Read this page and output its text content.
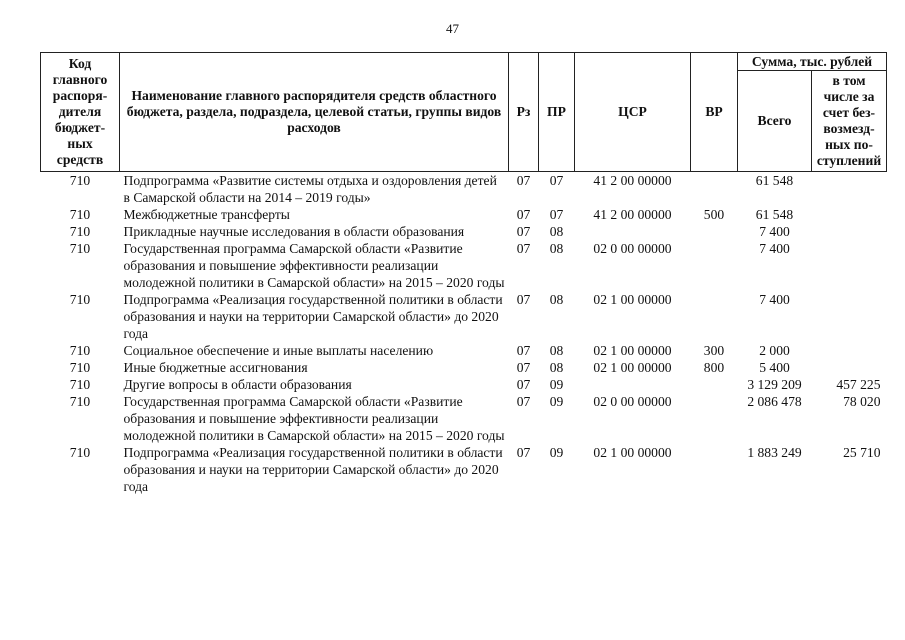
47
Код главного распоря-дителя бюджет-ных средств	Наименование главного распорядителя средств областного бюджета, раздела, подраздела, целевой статьи, группы видов расходов	Рз	ПР	ЦСР	ВР	Сумма, тыс. рублей	
						Всего	в том числе за счет без-возмезд-ных по-ступлений
710	Подпрограмма «Развитие системы отдыха и оздоровления детей в Самарской области на 2014 – 2019 годы»	07	07	41 2 00 00000		61 548	
710	Межбюджетные трансферты	07	07	41 2 00 00000	500	61 548	
710	Прикладные научные исследования в области образования	07	08			7 400	
710	Государственная программа Самарской области «Развитие образования и повышение эффективности реализации молодежной политики в Самарской области» на 2015 – 2020 годы	07	08	02 0 00 00000		7 400	
710	Подпрограмма «Реализация государственной политики в области образования и науки на территории Самарской области» до 2020 года	07	08	02 1 00 00000		7 400	
710	Социальное обеспечение и иные выплаты населению	07	08	02 1 00 00000	300	2 000	
710	Иные бюджетные ассигнования	07	08	02 1 00 00000	800	5 400	
710	Другие вопросы в области образования	07	09			3 129 209	457 225
710	Государственная программа Самарской области «Развитие образования и повышение эффективности реализации молодежной политики в Самарской области» на 2015 – 2020 годы	07	09	02 0 00 00000		2 086 478	78 020
710	Подпрограмма «Реализация государственной политики в области образования и науки на территории Самарской области» до 2020 года	07	09	02 1 00 00000		1 883 249	25 710
